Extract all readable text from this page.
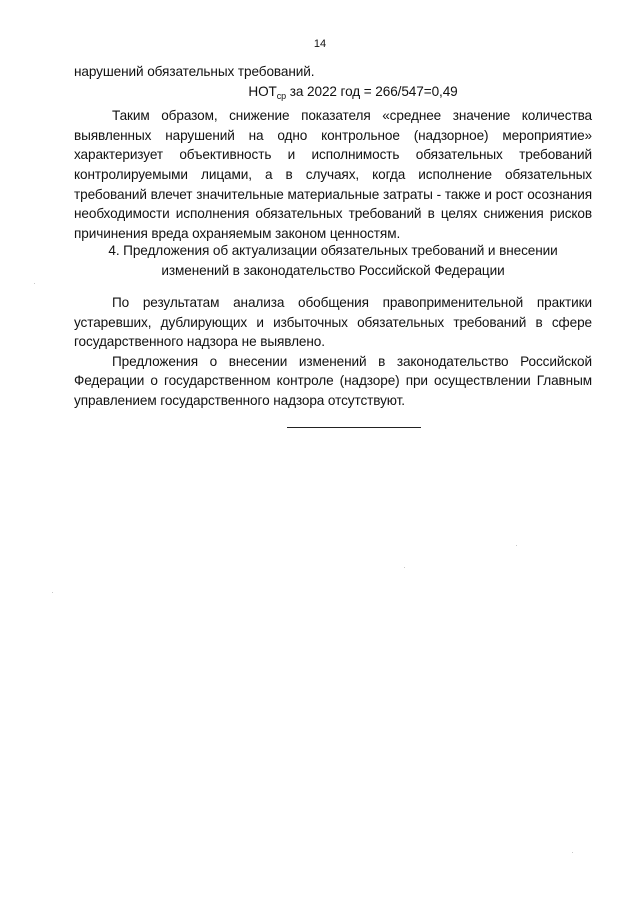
14

нарушений обязательных требований.

$НОТ_{ср}$ за 2022 год = 266/547=0,49

Таким образом, снижение показателя «среднее значение количества выявленных нарушений на одно контрольное (надзорное) мероприятие» характеризует объективность и исполнимость обязательных требований контролируемыми лицами, а в случаях, когда исполнение обязательных требований влечет значительные материальные затраты - также и рост осознания необходимости исполнения обязательных требований в целях снижения рисков причинения вреда охраняемым законом ценностям.

4. Предложения об актуализации обязательных требований и внесении

изменений в законодательство Российской Федерации

По результатам анализа обобщения правоприменительной практики устаревших, дублирующих и избыточных обязательных требований в сфере государственного надзора не выявлено.

Предложения о внесении изменений в законодательство Российской Федерации о государственном контроле (надзоре) при осуществлении Главным управлением государственного надзора отсутствуют.
